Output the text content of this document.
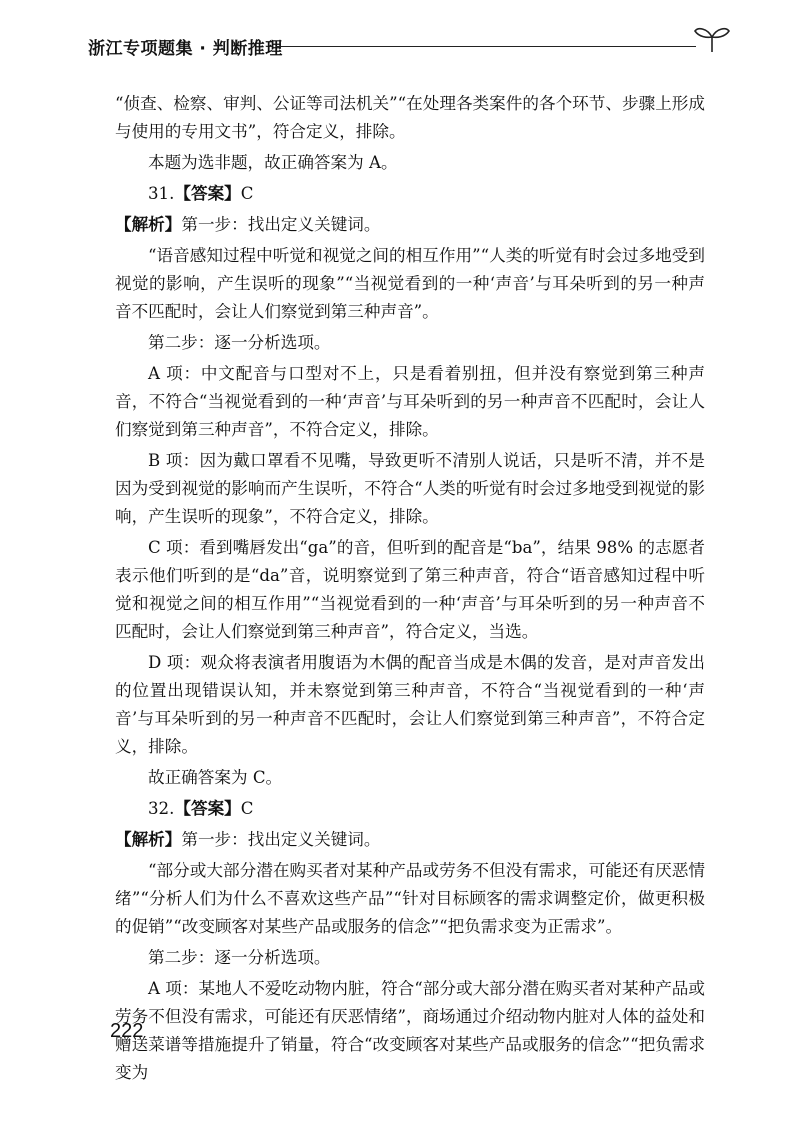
浙江专项题集 · 判断推理

“侦查、检察、审判、公证等司法机关”“在处理各类案件的各个环节、步骤上形成与使用的专用文书”，符合定义，排除。

本题为选非题，故正确答案为 A。

31.【答案】C

【解析】第一步：找出定义关键词。

“语音感知过程中听觉和视觉之间的相互作用”“人类的听觉有时会过多地受到视觉的影响，产生误听的现象”“当视觉看到的一种‘声音’与耳朵听到的另一种声音不匹配时，会让人们察觉到第三种声音”。

第二步：逐一分析选项。

A 项：中文配音与口型对不上，只是看着别扭，但并没有察觉到第三种声音，不符合“当视觉看到的一种‘声音’与耳朵听到的另一种声音不匹配时，会让人们察觉到第三种声音”，不符合定义，排除。

B 项：因为戴口罩看不见嘴，导致更听不清别人说话，只是听不清，并不是因为受到视觉的影响而产生误听，不符合“人类的听觉有时会过多地受到视觉的影响，产生误听的现象”，不符合定义，排除。

C 项：看到嘴唇发出“ga”的音，但听到的配音是“ba”，结果 98% 的志愿者表示他们听到的是“da”音，说明察觉到了第三种声音，符合“语音感知过程中听觉和视觉之间的相互作用”“当视觉看到的一种‘声音’与耳朵听到的另一种声音不匹配时，会让人们察觉到第三种声音”，符合定义，当选。

D 项：观众将表演者用腹语为木偶的配音当成是木偶的发音，是对声音发出的位置出现错误认知，并未察觉到第三种声音，不符合“当视觉看到的一种‘声音’与耳朵听到的另一种声音不匹配时，会让人们察觉到第三种声音”，不符合定义，排除。

故正确答案为 C。

32.【答案】C

【解析】第一步：找出定义关键词。

“部分或大部分潜在购买者对某种产品或劳务不但没有需求，可能还有厌恶情绪”“分析人们为什么不喜欢这些产品”“针对目标顾客的需求调整定价，做更积极的促销”“改变顾客对某些产品或服务的信念”“把负需求变为正需求”。

第二步：逐一分析选项。

A 项：某地人不爱吃动物内脏，符合“部分或大部分潜在购买者对某种产品或劳务不但没有需求，可能还有厌恶情绪”，商场通过介绍动物内脏对人体的益处和赠送菜谱等措施提升了销量，符合“改变顾客对某些产品或服务的信念”“把负需求变为

222
